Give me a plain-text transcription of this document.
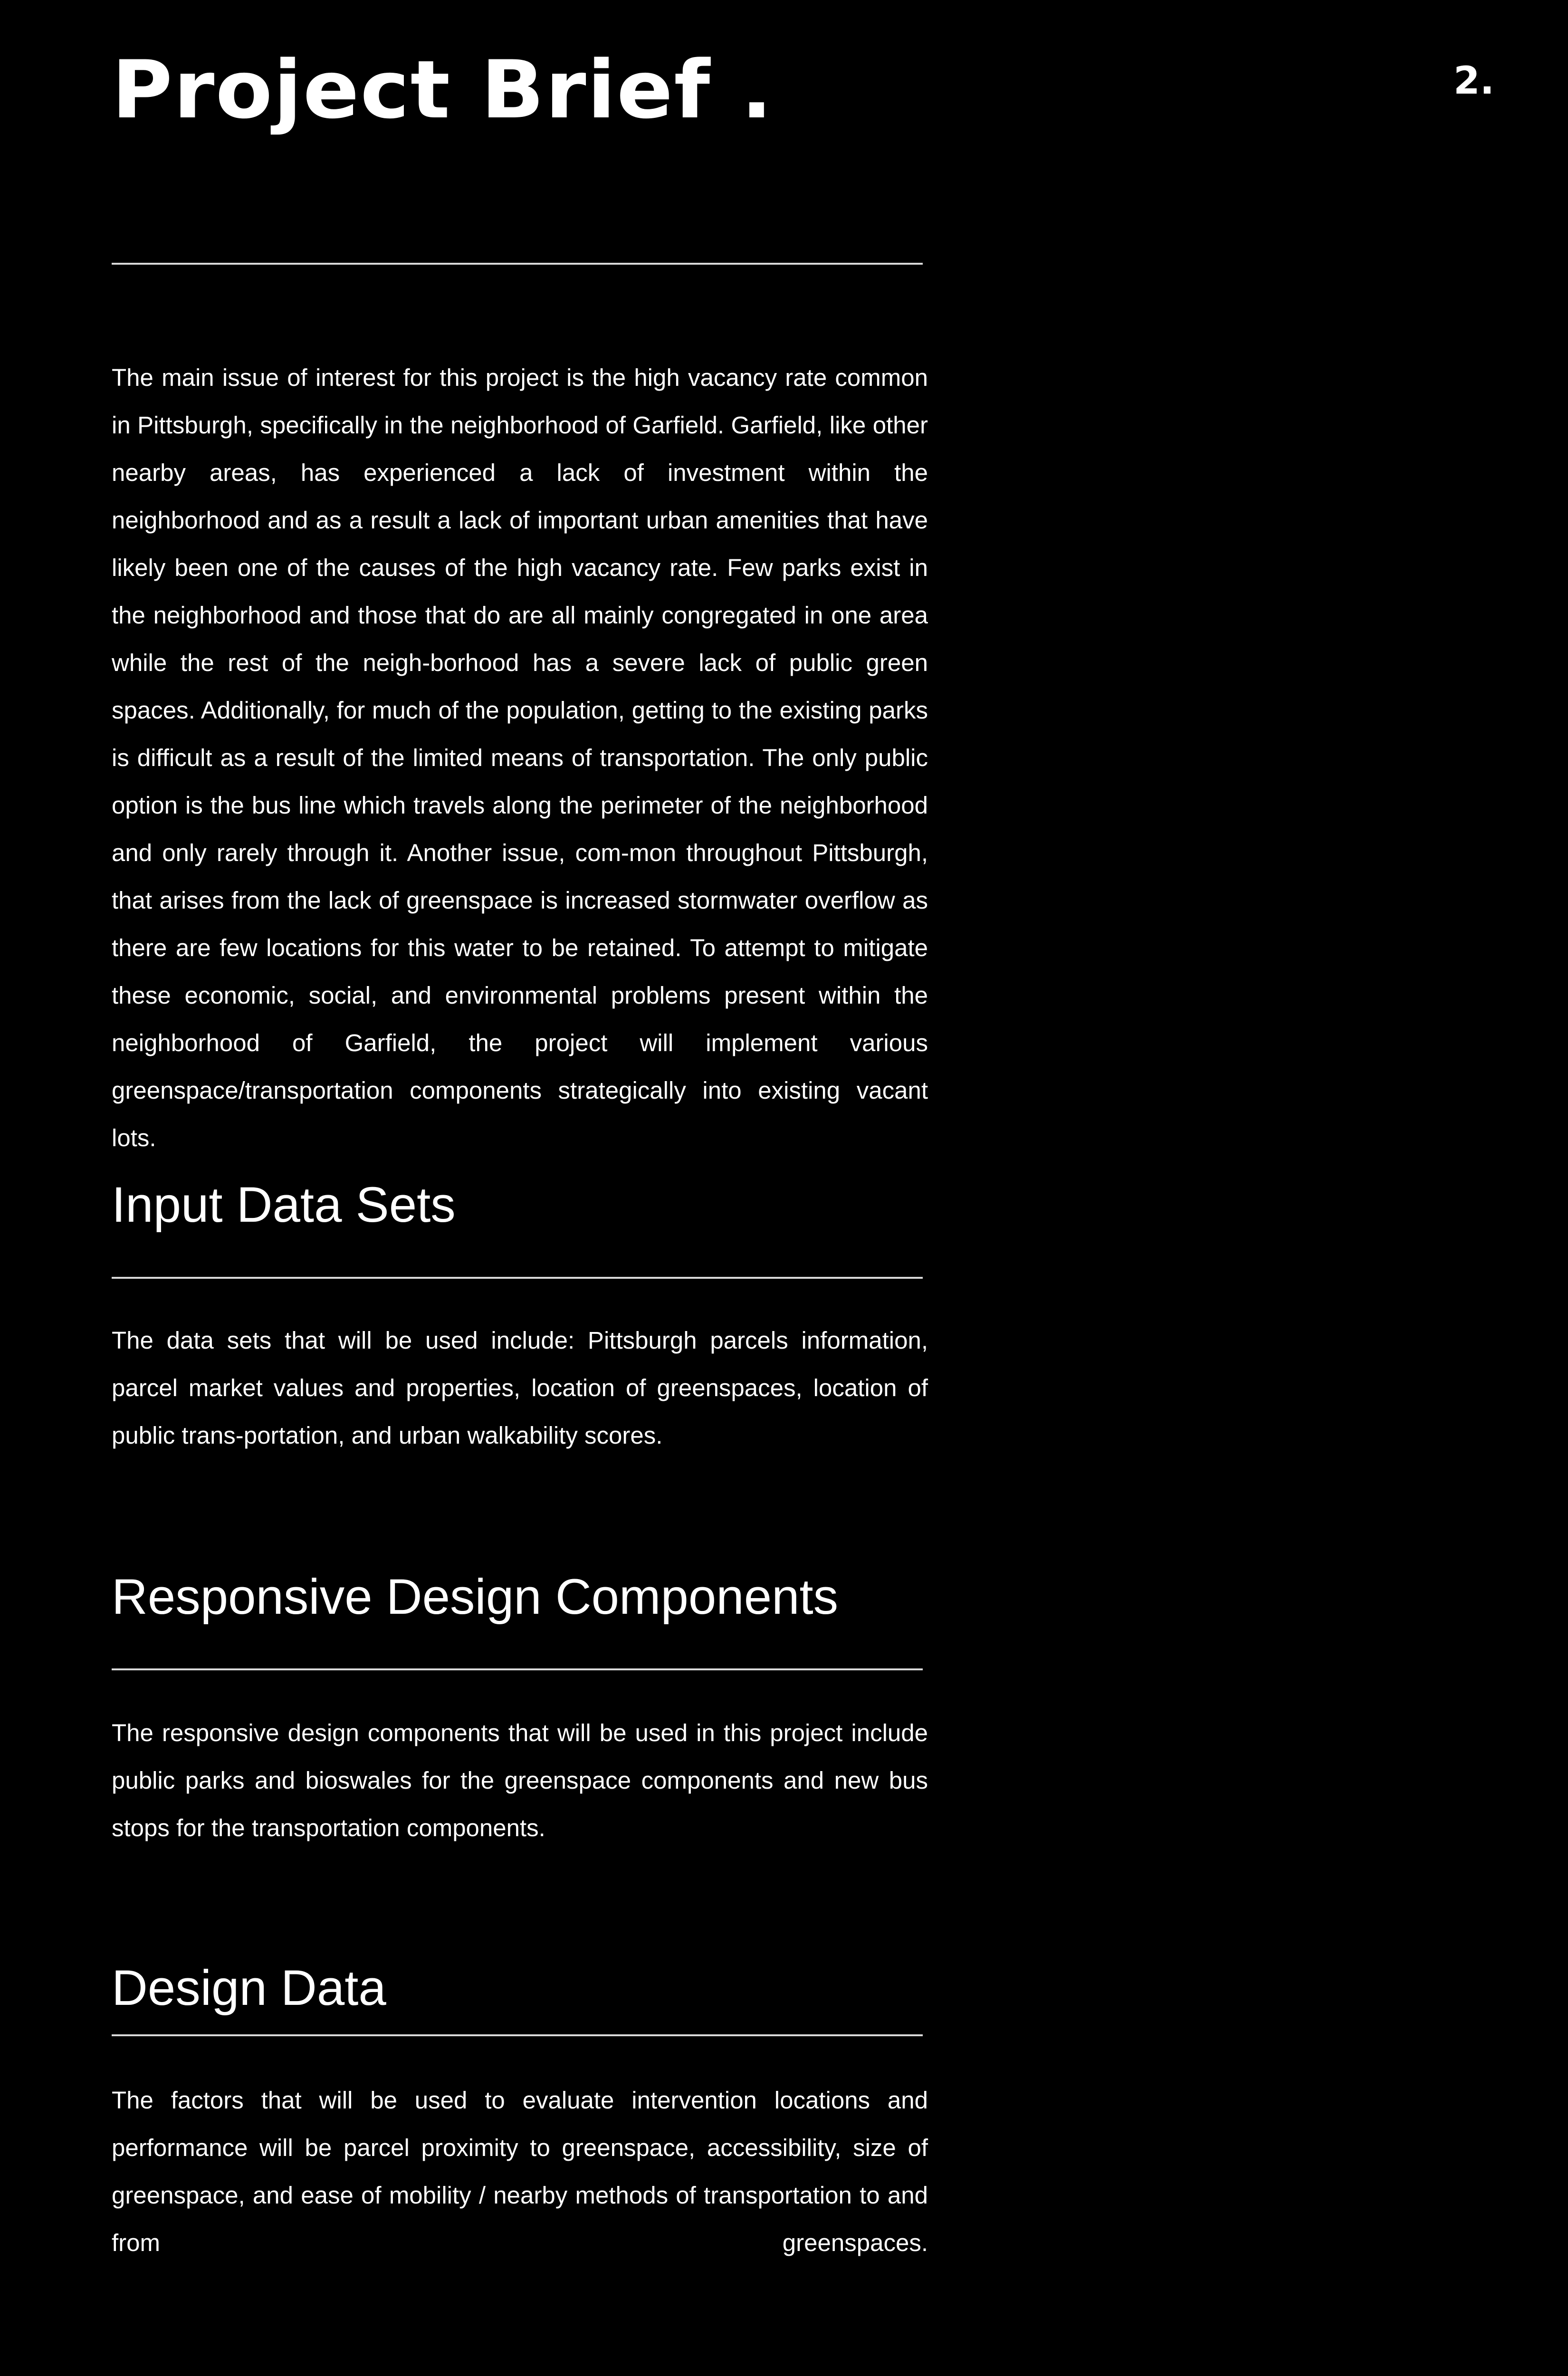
Project Brief .	2.

The main issue of interest for this project is the high vacancy rate common in Pittsburgh, specifically in the neighborhood of Garfield. Garfield, like other nearby areas, has experienced a lack of investment within the neighborhood and as a result a lack of important urban amenities that have likely been one of the causes of the high vacancy rate. Few parks exist in the neighborhood and those that do are all mainly congregated in one area while the rest of the neigh-borhood has a severe lack of public green spaces. Additionally, for much of the population, getting to the existing parks is difficult as a result of the limited means of transportation. The only public option is the bus line which travels along the perimeter of the neighborhood and only rarely through it. Another issue, com-mon throughout Pittsburgh, that arises from the lack of greenspace is increased stormwater overflow as there are few locations for this water to be retained. To attempt to mitigate these economic, social, and environmental problems present within the neighborhood of Garfield, the project will implement various greenspace/transportation components strategically into existing vacant lots.

Input Data Sets

The data sets that will be used include: Pittsburgh parcels information, parcel market values and properties, location of greenspaces, location of public trans-portation, and urban walkability scores.

Responsive Design Components

The responsive design components that will be used in this project include public parks and bioswales for the greenspace components and new bus stops for the transportation components.

Design Data

The factors that will be used to evaluate intervention locations and performance will be parcel proximity to greenspace, accessibility, size of greenspace, and ease of mobility / nearby methods of transportation to and from greenspaces.
